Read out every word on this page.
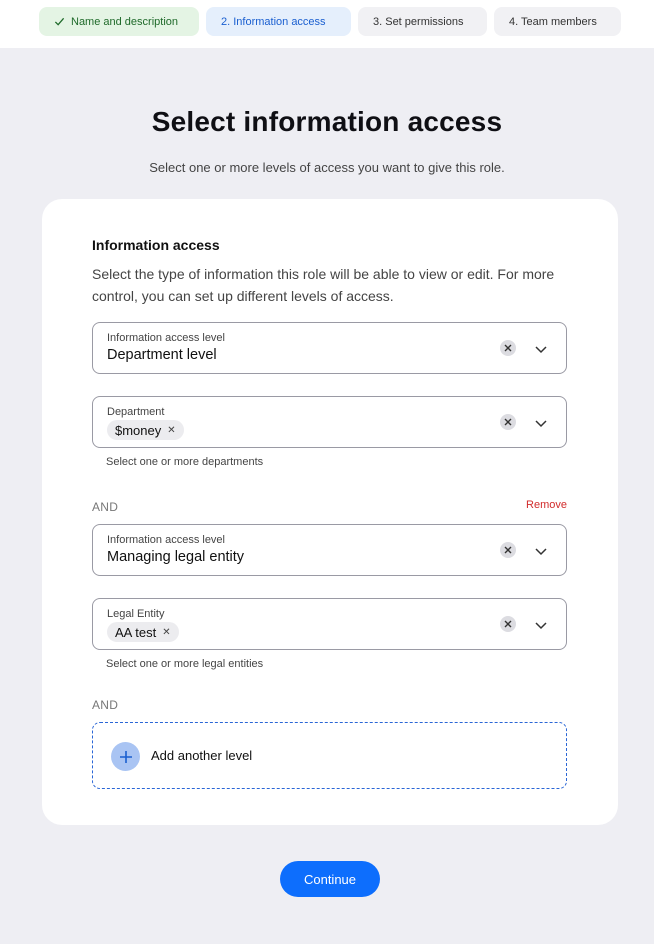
Name and description	2. Information access	3. Set permissions	4. Team members
Select information access

Select one or more levels of access you want to give this role.

Information access
Select the type of information this role will be able to view or edit. For more control, you can set up different levels of access.
Information access level
Department level
Department
$money ✕
Select one or more departments
AND	Remove
Information access level
Managing legal entity
Legal Entity
AA test ✕
Select one or more legal entities
AND
Add another level
Continue
